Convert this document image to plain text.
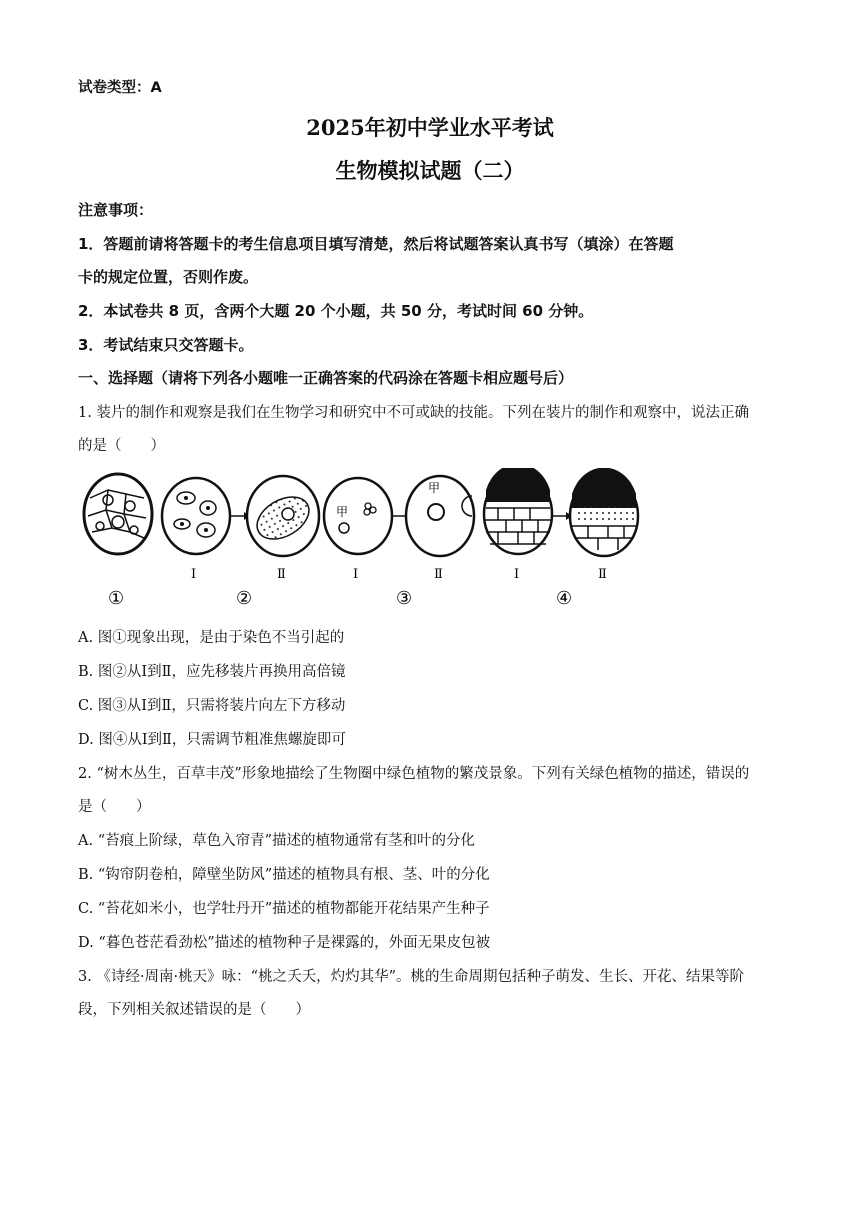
试卷类型：A
2025年初中学业水平考试
生物模拟试题（二）
注意事项：
1．答题前请将答题卡的考生信息项目填写清楚，然后将试题答案认真书写（填涂）在答题
卡的规定位置，否则作废。
2．本试卷共 8 页，含两个大题 20 个小题，共 50 分，考试时间 60 分钟。
3．考试结束只交答题卡。
一、选择题（请将下列各小题唯一正确答案的代码涂在答题卡相应题号后）
1. 装片的制作和观察是我们在生物学习和研究中不可或缺的技能。下列在装片的制作和观察中，说法正确
的是（　　）
甲
甲
Ⅰ	Ⅱ	Ⅰ	Ⅱ	Ⅰ	Ⅱ
①	②	③	④
A. 图①现象出现，是由于染色不当引起的
B. 图②从Ⅰ到Ⅱ，应先移装片再换用高倍镜
C. 图③从Ⅰ到Ⅱ，只需将装片向左下方移动
D. 图④从Ⅰ到Ⅱ，只需调节粗准焦螺旋即可
2. “树木丛生，百草丰茂”形象地描绘了生物圈中绿色植物的繁茂景象。下列有关绿色植物的描述，错误的
是（　　）
A. “苔痕上阶绿，草色入帘青”描述的植物通常有茎和叶的分化
B. “钩帘阴卷柏，障壁坐防风”描述的植物具有根、茎、叶的分化
C. “苔花如米小，也学牡丹开”描述的植物都能开花结果产生种子
D. “暮色苍茫看劲松”描述的植物种子是裸露的，外面无果皮包被
3. 《诗经·周南·桃天》咏：“桃之夭夭，灼灼其华”。桃的生命周期包括种子萌发、生长、开花、结果等阶
段，下列相关叙述错误的是（　　）
